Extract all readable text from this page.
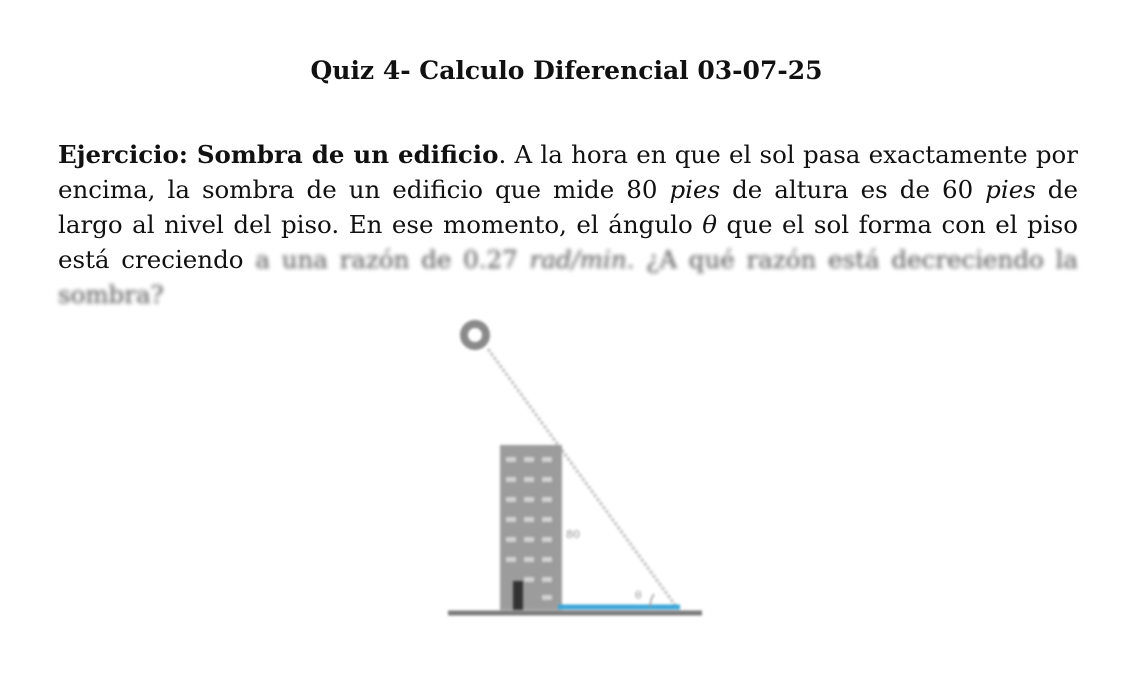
Quiz 4- Calculo Diferencial 03-07-25
Ejercicio: Sombra de un edificio. A la hora en que el sol pasa exactamente por encima, la sombra de un edificio que mide 80 pies de altura es de 60 pies de largo al nivel del piso. En ese momento, el ángulo θ que el sol forma con el piso está creciendo a una razón de 0.27 rad/min. ¿A qué razón está decreciendo la sombra?
80
θ
